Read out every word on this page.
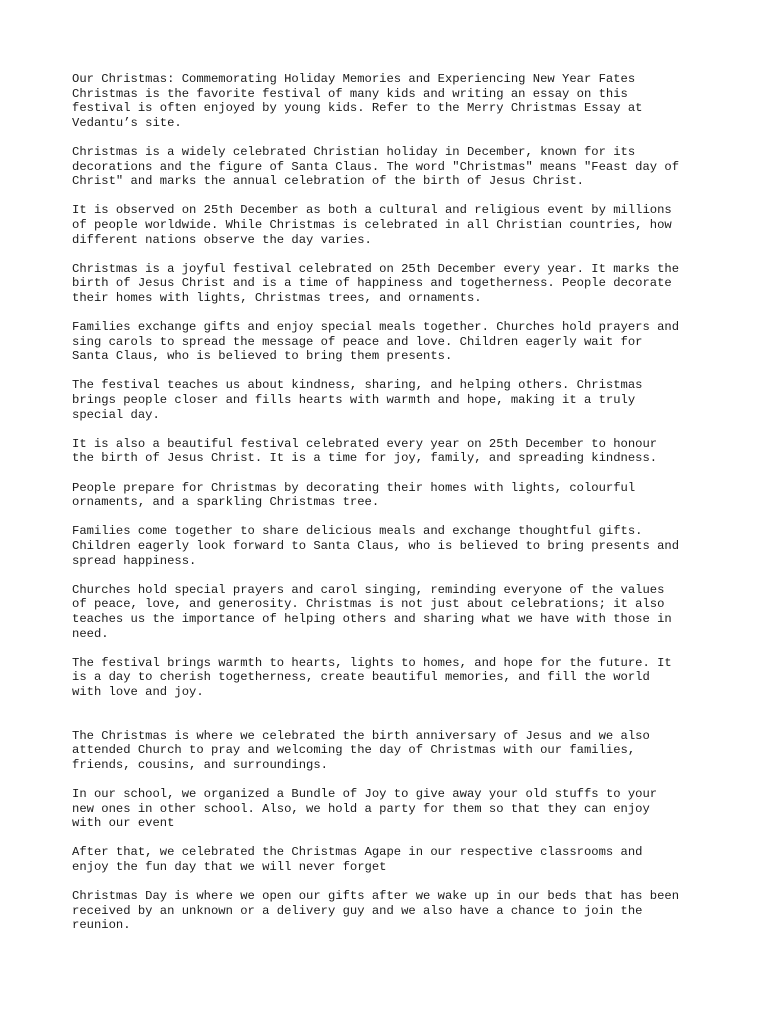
Our Christmas: Commemorating Holiday Memories and Experiencing New Year Fates
Christmas is the favorite festival of many kids and writing an essay on this
festival is often enjoyed by young kids. Refer to the Merry Christmas Essay at
Vedantu’s site.

Christmas is a widely celebrated Christian holiday in December, known for its
decorations and the figure of Santa Claus. The word "Christmas" means "Feast day of
Christ" and marks the annual celebration of the birth of Jesus Christ.

It is observed on 25th December as both a cultural and religious event by millions
of people worldwide. While Christmas is celebrated in all Christian countries, how
different nations observe the day varies.

Christmas is a joyful festival celebrated on 25th December every year. It marks the
birth of Jesus Christ and is a time of happiness and togetherness. People decorate
their homes with lights, Christmas trees, and ornaments.

Families exchange gifts and enjoy special meals together. Churches hold prayers and
sing carols to spread the message of peace and love. Children eagerly wait for
Santa Claus, who is believed to bring them presents.

The festival teaches us about kindness, sharing, and helping others. Christmas
brings people closer and fills hearts with warmth and hope, making it a truly
special day.

It is also a beautiful festival celebrated every year on 25th December to honour
the birth of Jesus Christ. It is a time for joy, family, and spreading kindness.

People prepare for Christmas by decorating their homes with lights, colourful
ornaments, and a sparkling Christmas tree.

Families come together to share delicious meals and exchange thoughtful gifts.
Children eagerly look forward to Santa Claus, who is believed to bring presents and
spread happiness.

Churches hold special prayers and carol singing, reminding everyone of the values
of peace, love, and generosity. Christmas is not just about celebrations; it also
teaches us the importance of helping others and sharing what we have with those in
need.

The festival brings warmth to hearts, lights to homes, and hope for the future. It
is a day to cherish togetherness, create beautiful memories, and fill the world
with love and joy.

The Christmas is where we celebrated the birth anniversary of Jesus and we also
attended Church to pray and welcoming the day of Christmas with our families,
friends, cousins, and surroundings.

In our school, we organized a Bundle of Joy to give away your old stuffs to your
new ones in other school. Also, we hold a party for them so that they can enjoy
with our event

After that, we celebrated the Christmas Agape in our respective classrooms and
enjoy the fun day that we will never forget

Christmas Day is where we open our gifts after we wake up in our beds that has been
received by an unknown or a delivery guy and we also have a chance to join the
reunion.
